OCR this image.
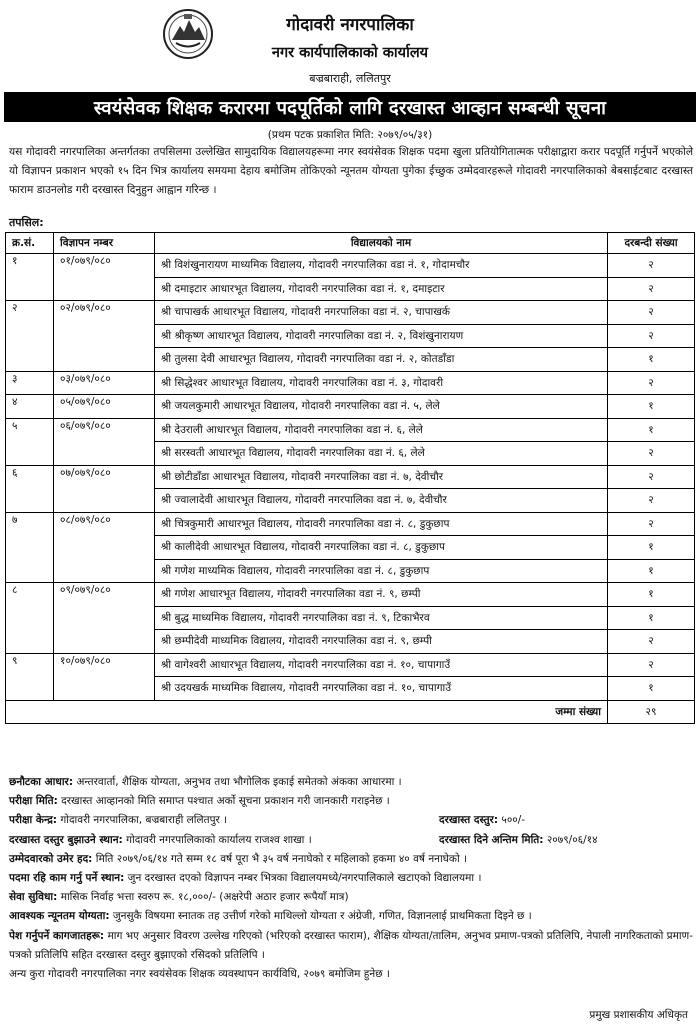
गोदावरी नगरपालिका
नगर कार्यपालिकाको कार्यालय
बज्रबाराही, ललितपुर
स्वयंसेवक शिक्षक करारमा पदपूर्तिको लागि दरखास्त आव्हान सम्बन्धी सूचना
(प्रथम पटक प्रकाशित मिति: २०७९/०५/३१)
यस गोदावरी नगरपालिका अन्तर्गतका तपसिलमा उल्लेखित सामुदायिक विद्यालयहरूमा नगर स्वयंसेवक शिक्षक पदमा खुला प्रतियोगितात्मक परीक्षाद्वारा करार पदपूर्ति गर्नुपर्ने भएकोले यो विज्ञापन प्रकाशन भएको १५ दिन भित्र कार्यालय समयमा देहाय बमोजिम तोकिएको न्यूनतम योग्यता पुगेका ईच्छुक उम्मेदवारहरूले गोदावरी नगरपालिकाको बेबसाईटबाट दरखास्त फाराम डाउनलोड गरी दरखास्त दिनुहुन आह्वान गरिन्छ ।
तपसिल:
क्र.सं.	विज्ञापन नम्बर	विद्यालयको नाम	दरबन्दी संख्या
१	०१/०७९/०८०	श्री विशंखुनारायण माध्यमिक विद्यालय, गोदावरी नगरपालिका वडा नं. १, गोदामचौर	२
		श्री दमाइटार आधारभूत विद्यालय, गोदावरी नगरपालिका वडा नं. १, दमाइटार	२
२	०२/०७९/०८०	श्री चापाखर्क आधारभूत विद्यालय, गोदावरी नगरपालिका वडा नं. २, चापाखर्क	२
		श्री श्रीकृष्ण आधारभूत विद्यालय, गोदावरी नगरपालिका वडा नं. २, विशंखुनारायण	२
		श्री तुलसा देवी आधारभूत विद्यालय, गोदावरी नगरपालिका वडा नं. २, कोतडाँडा	१
३	०३/०७९/०८०	श्री सिद्धेश्वर आधारभूत विद्यालय, गोदावरी नगरपालिका वडा नं. ३, गोदावरी	२
४	०५/०७९/०८०	श्री जयलकुमारी आधारभूत विद्यालय, गोदावरी नगरपालिका वडा नं. ५, लेले	१
५	०६/०७९/०८०	श्री देउराली आधारभूत विद्यालय, गोदावरी नगरपालिका वडा नं. ६, लेले	१
		श्री सरस्वती आधारभूत विद्यालय, गोदावरी नगरपालिका वडा नं. ६, लेले	२
६	०७/०७९/०८०	श्री छोटीडाँडा आधारभूत विद्यालय, गोदावरी नगरपालिका वडा नं. ७, देवीचौर	२
		श्री ज्वालादेवी आधारभूत विद्यालय, गोदावरी नगरपालिका वडा नं. ७, देवीचौर	२
७	०८/०७९/०८०	श्री चित्रकुमारी आधारभूत विद्यालय, गोदावरी नगरपालिका वडा नं. ८, डुकुछाप	२
		श्री कालीदेवी आधारभूत विद्यालय, गोदावरी नगरपालिका वडा नं. ८, डुकुछाप	१
		श्री गणेश माध्यमिक विद्यालय, गोदावरी नगरपालिका वडा नं. ८, डुकुछाप	१
८	०९/०७९/०८०	श्री गणेश आधारभूत विद्यालय, गोदावरी नगरपालिका वडा नं. ९, छम्पी	१
		श्री बुद्ध माध्यमिक विद्यालय, गोदावरी नगरपालिका वडा नं. ९, टिकाभैरव	१
		श्री छम्पीदेवी माध्यमिक विद्यालय, गोदावरी नगरपालिका वडा नं. ९, छम्पी	२
९	१०/०७९/०८०	श्री वागेश्वरी आधारभूत विद्यालय, गोदावरी नगरपालिका वडा नं. १०, चापागाउँ	२
		श्री उदयखर्क माध्यमिक विद्यालय, गोदावरी नगरपालिका वडा नं. १०, चापागाउँ	१
जम्मा संख्या			२९
छनौटका आधार: अन्तरवार्ता, शैक्षिक योग्यता, अनुभव तथा भौगोलिक इकाई समेतको अंकका आधारमा ।
परीक्षा मिति: दरखास्त आव्हानको मिति समाप्त पश्चात अर्को सूचना प्रकाशन गरी जानकारी गराइनेछ ।
परीक्षा केन्द्र: गोदावरी नगरपालिका, बज्रबाराही ललितपुर ।	दरखास्त दस्तुर: ५००/-
दरखास्त दस्तुर बुझाउने स्थान: गोदावरी नगरपालिकाको कार्यालय राजश्व शाखा ।	दरखास्त दिने अन्तिम मिति: २०७९/०६/१४
उम्मेदवारको उमेर हद: मिति २०७९/०६/१४ गते सम्म १८ वर्ष पूरा भै ३५ वर्ष ननाघेको र महिलाको हकमा ४० वर्ष ननाघेको ।
पदमा रहि काम गर्नु पर्ने स्थान: जुन दरखास्त दएको विज्ञापन नम्बर भित्रका विद्यालयमध्ये/नगरपालिकाले खटाएको विद्यालयमा ।
सेवा सुविधा: मासिक निर्वाह भत्ता स्वरुप रू. १८,०००/- (अक्षरेपी अठार हजार रूपैयाँ मात्र)
आवश्यक न्यूनतम योग्यता: जुनसुकै विषयमा स्नातक तह उत्तीर्ण गरेको माथिल्लो योग्यता र अंग्रेजी, गणित, विज्ञानलाई प्राथमिकता दिइने छ ।
पेश गर्नुपर्ने कागजातहरू: माग भए अनुसार विवरण उल्लेख गरिएको (भरिएको दरखास्त फाराम), शैक्षिक योग्यता/तालिम, अनुभव प्रमाण-पत्रको प्रतिलिपि, नेपाली नागरिकताको प्रमाण-पत्रको प्रतिलिपि सहित दरखास्त दस्तुर बुझाएको रसिदको प्रतिलिपि ।
अन्य कुरा गोदावरी नगरपालिका नगर स्वयंसेवक शिक्षक व्यवस्थापन कार्यविधि, २०७९ बमोजिम हुनेछ ।
प्रमुख प्रशासकीय अधिकृत
